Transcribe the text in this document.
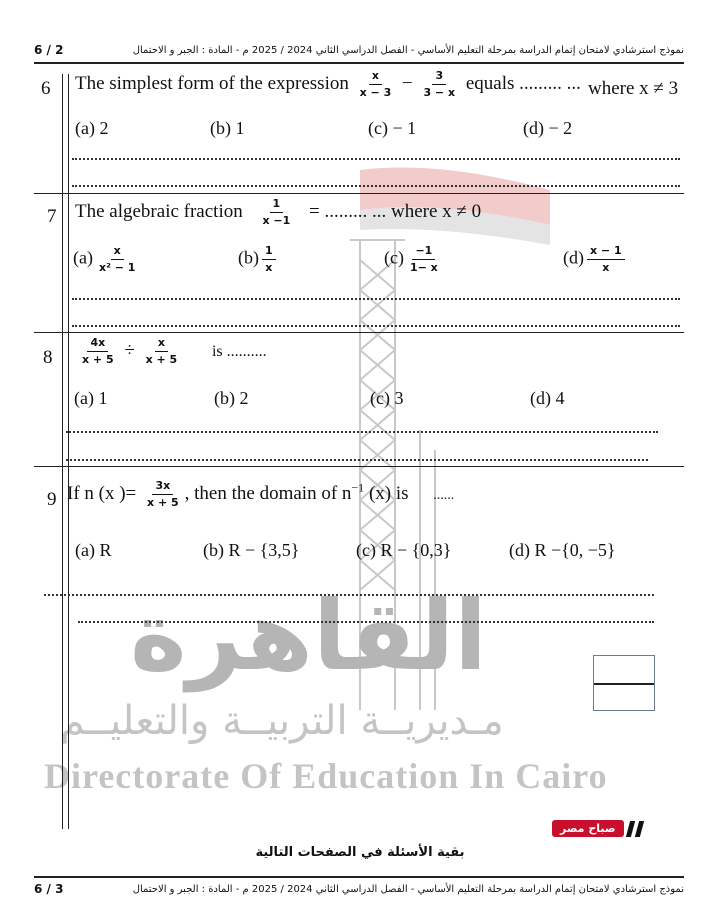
القاهرة
مـديريــة التربيــة والتعليــم
Directorate Of Education In Cairo
6 / 2	نموذج استرشادي لامتحان إتمام الدراسة بمرحلة التعليم الأساسي - الفصل الدراسي الثاني 2024 / 2025 م - المادة : الجبر و الاحتمال
6 The simplest form of the expression $\frac{x}{x - 3} - \frac{3}{3 - x}$ equals ......... ... where x ≠ 3
(a) 2	(b) 1	(c) − 1	(d) − 2
7 The algebraic fraction $\frac{1}{x -1}$ = ......... ... where x ≠ 0
$(a) \frac{x}{\text{x² − 1}}$	$(b) \frac{1}{x}$	$(c) \frac{-1}{1- x}$	$(d) \frac{x - 1}{x}$
$8 \frac{4x}{x + 5} \div \frac{x}{x + 5}$ is ..........
(a) 1	(b) 2	(c) 3	(d) 4
9 If n (x )= $\frac{3x}{x + 5}$ , then the domain of $n^{-1}$ (x) is ......
(a) R	(b) R − {3,5}	(c) R − {0,3}	(d) R −{0, −5}
صباح مصر
بقية الأسئلة في الصفحات التالية
6 / 3	نموذج استرشادي لامتحان إتمام الدراسة بمرحلة التعليم الأساسي - الفصل الدراسي الثاني 2024 / 2025 م - المادة : الجبر و الاحتمال
